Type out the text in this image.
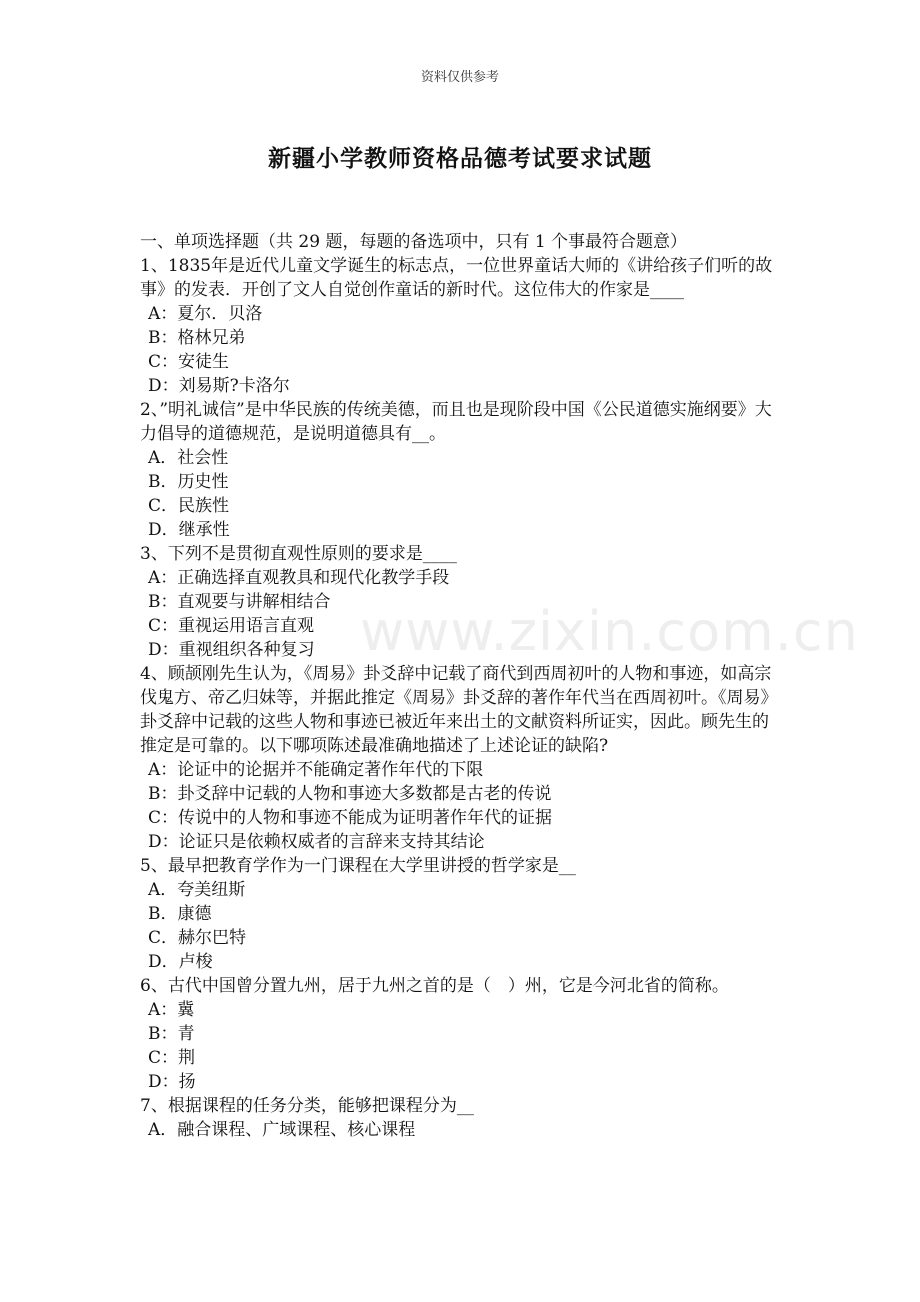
资料仅供参考
新疆小学教师资格品德考试要求试题
www.zixin.com.cn
一、单项选择题（共 29 题，每题的备选项中，只有 1 个事最符合题意）
1、1835年是近代儿童文学诞生的标志点，一位世界童话大师的《讲给孩子们听的故事》的发表．开创了文人自觉创作童话的新时代。这位伟大的作家是____
A：夏尔．贝洛
B：格林兄弟
C：安徒生
D：刘易斯?卡洛尔
2、”明礼诚信”是中华民族的传统美德，而且也是现阶段中国《公民道德实施纲要》大力倡导的道德规范，是说明道德具有__。
A．社会性
B．历史性
C．民族性
D．继承性
3、下列不是贯彻直观性原则的要求是____
A：正确选择直观教具和现代化教学手段
B：直观要与讲解相结合
C：重视运用语言直观
D：重视组织各种复习
4、顾颉刚先生认为，《周易》卦爻辞中记载了商代到西周初叶的人物和事迹，如高宗伐鬼方、帝乙归妹等，并据此推定《周易》卦爻辞的著作年代当在西周初叶。《周易》卦爻辞中记载的这些人物和事迹已被近年来出土的文献资料所证实，因此。顾先生的推定是可靠的。以下哪项陈述最准确地描述了上述论证的缺陷?
A：论证中的论据并不能确定著作年代的下限
B：卦爻辞中记载的人物和事迹大多数都是古老的传说
C：传说中的人物和事迹不能成为证明著作年代的证据
D：论证只是依赖权威者的言辞来支持其结论
5、最早把教育学作为一门课程在大学里讲授的哲学家是__
A．夸美纽斯
B．康德
C．赫尔巴特
D．卢梭
6、古代中国曾分置九州，居于九州之首的是（　）州，它是今河北省的简称。
A：冀
B：青
C：荆
D：扬
7、根据课程的任务分类，能够把课程分为__
A．融合课程、广域课程、核心课程
